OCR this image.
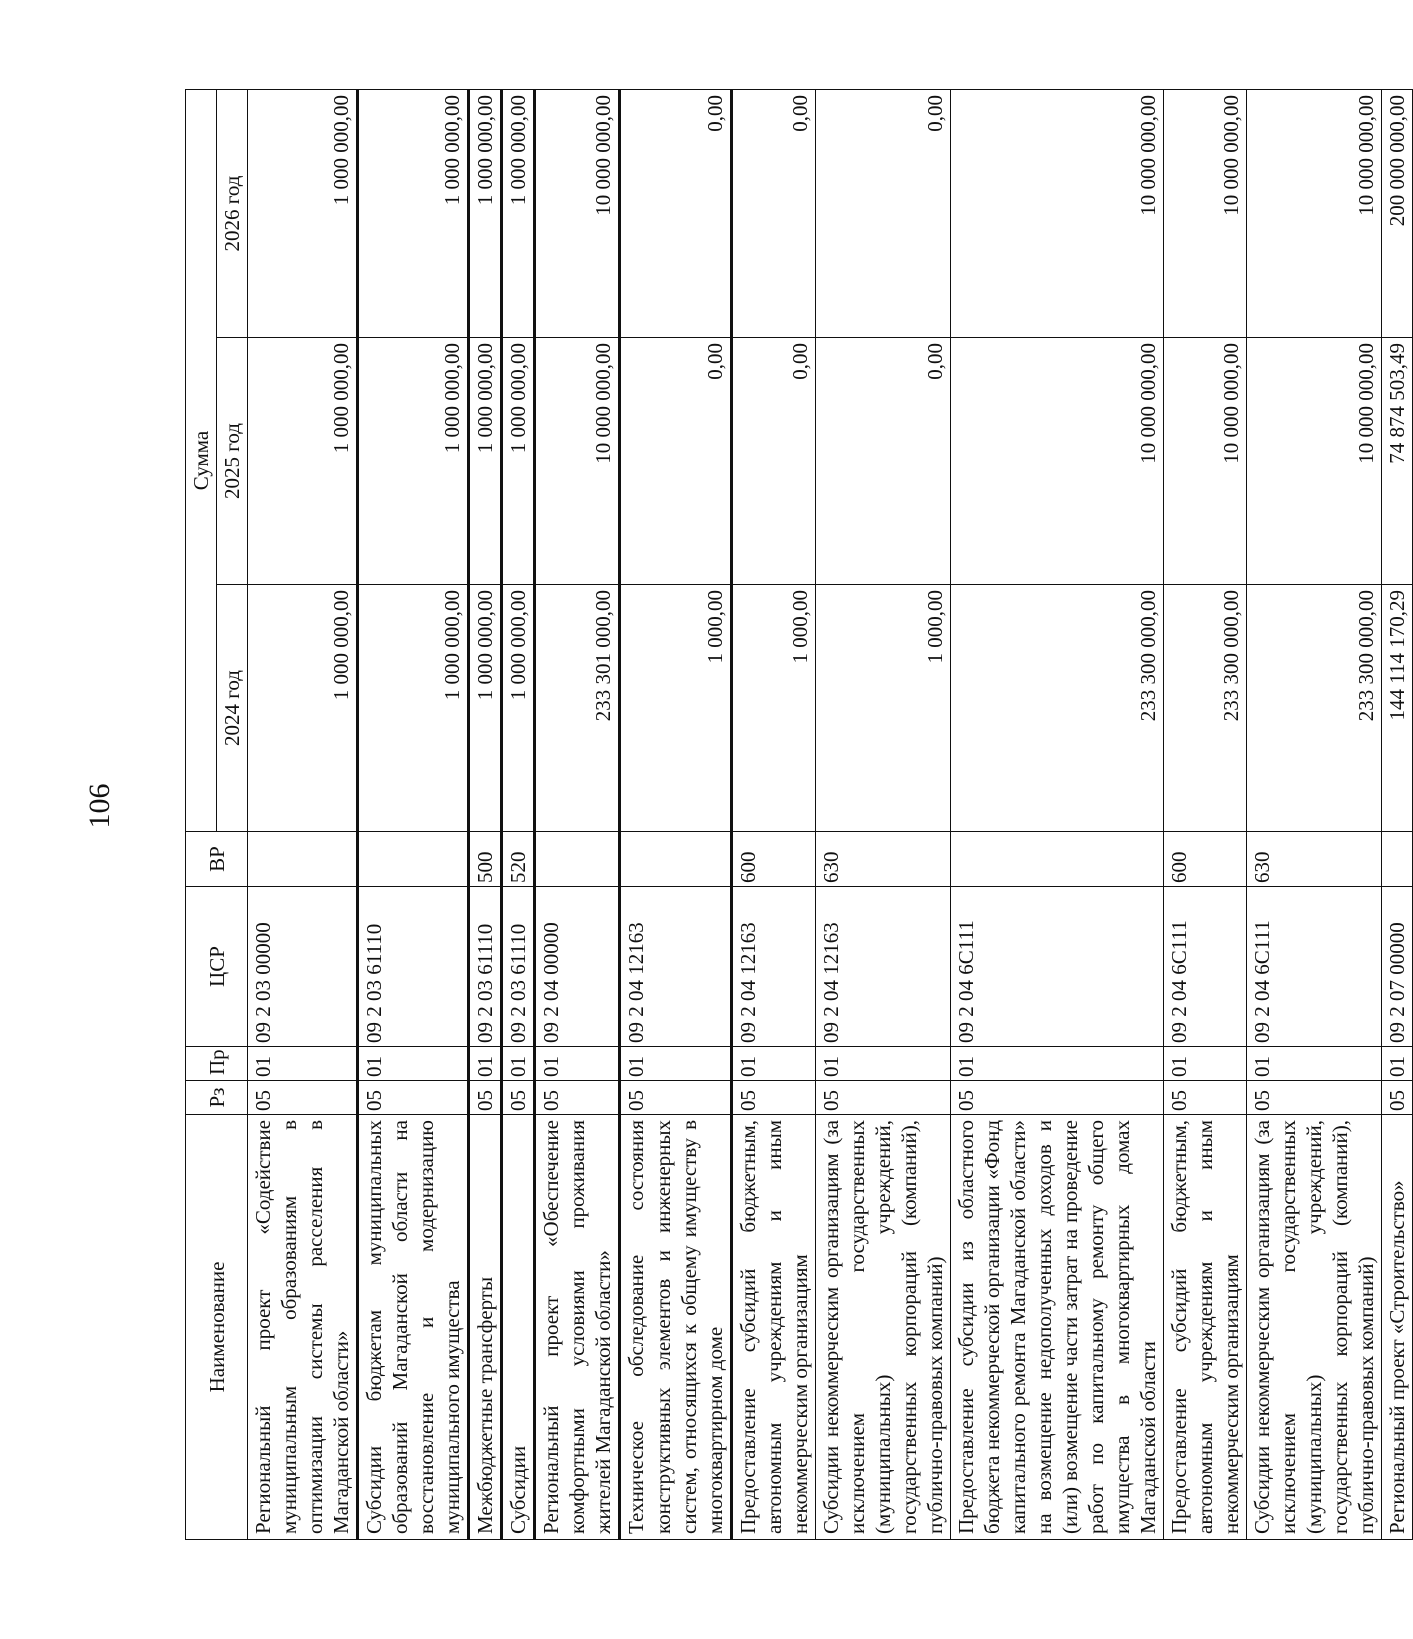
106
Наименование	Рз	Пр	ЦСР	ВР	Сумма		
					2024 год	2025 год	2026 год
Региональный проект «Содействие муниципальным образованиям в оптимизации системы расселения в Магаданской области»	05	01	09 2 03 00000		1 000 000,00	1 000 000,00	1 000 000,00
Субсидии бюджетам муниципальных образований Магаданской области на восстановление и модернизацию муниципального имущества	05	01	09 2 03 61110		1 000 000,00	1 000 000,00	1 000 000,00
Межбюджетные трансферты	05	01	09 2 03 61110	500	1 000 000,00	1 000 000,00	1 000 000,00
Субсидии	05	01	09 2 03 61110	520	1 000 000,00	1 000 000,00	1 000 000,00
Региональный проект «Обеспечение комфортными условиями проживания жителей Магаданской области»	05	01	09 2 04 00000		233 301 000,00	10 000 000,00	10 000 000,00
Техническое обследование состояния конструктивных элементов и инженерных систем, относящихся к общему имуществу в многоквартирном доме	05	01	09 2 04 12163		1 000,00	0,00	0,00
Предоставление субсидий бюджетным, автономным учреждениям и иным некоммерческим организациям	05	01	09 2 04 12163	600	1 000,00	0,00	0,00
Субсидии некоммерческим организациям (за исключением государственных (муниципальных) учреждений, государственных корпораций (компаний), публично-правовых компаний)	05	01	09 2 04 12163	630	1 000,00	0,00	0,00
Предоставление субсидии из областного бюджета некоммерческой организации «Фонд капитального ремонта Магаданской области» на возмещение недополученных доходов и (или) возмещение части затрат на проведение работ по капитальному ремонту общего имущества в многоквартирных домах Магаданской области	05	01	09 2 04 6С111		233 300 000,00	10 000 000,00	10 000 000,00
Предоставление субсидий бюджетным, автономным учреждениям и иным некоммерческим организациям	05	01	09 2 04 6С111	600	233 300 000,00	10 000 000,00	10 000 000,00
Субсидии некоммерческим организациям (за исключением государственных (муниципальных) учреждений, государственных корпораций (компаний), публично-правовых компаний)	05	01	09 2 04 6С111	630	233 300 000,00	10 000 000,00	10 000 000,00
Региональный проект «Строительство»	05	01	09 2 07 00000		144 114 170,29	74 874 503,49	200 000 000,00
